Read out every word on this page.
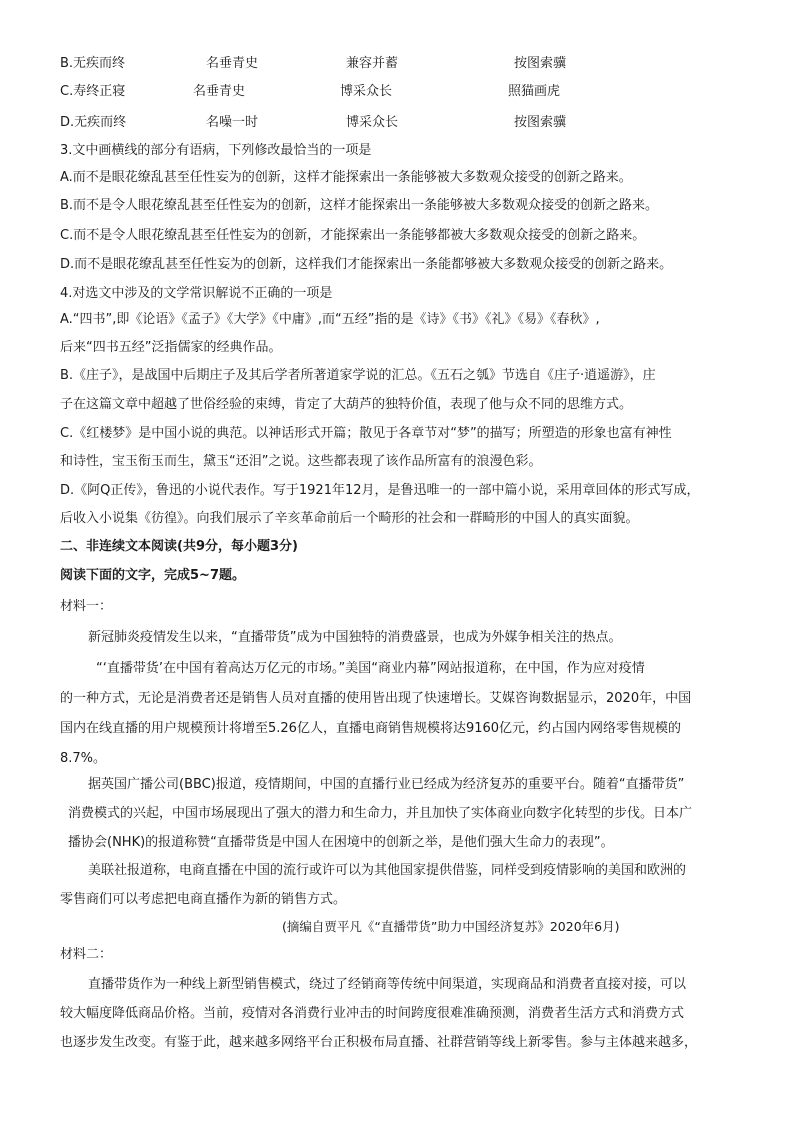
B.无疾而终	名垂青史	兼容并蓄	按图索骥
C.寿终正寝	名垂青史	博采众长	照猫画虎
D.无疾而终	名噪一时	博采众长	按图索骥
3.文中画横线的部分有语病，下列修改最恰当的一项是
A.而不是眼花缭乱甚至任性妄为的创新，这样才能探索出一条能够被大多数观众接受的创新之路来。
B.而不是令人眼花缭乱甚至任性妄为的创新，这样才能探索出一条能够被大多数观众接受的创新之路来。
C.而不是令人眼花缭乱甚至任性妄为的创新，才能探索出一条能够都被大多数观众接受的创新之路来。
D.而不是眼花缭乱甚至任性妄为的创新，这样我们才能探索出一条能都够被大多数观众接受的创新之路来。
4.对选文中涉及的文学常识解说不正确的一项是
A.“四书”,即《论语》《孟子》《大学》《中庸》,而“五经”指的是《诗》《书》《礼》《易》《春秋》,
后来“四书五经”泛指儒家的经典作品。
B.《庄子》，是战国中后期庄子及其后学者所著道家学说的汇总。《五石之瓠》节选自《庄子·逍遥游》，庄
子在这篇文章中超越了世俗经验的束缚，肯定了大葫芦的独特价值，表现了他与众不同的思维方式。
C.《红楼梦》是中国小说的典范。以神话形式开篇；散见于各章节对“梦”的描写；所塑造的形象也富有神性
和诗性，宝玉衔玉而生，黛玉“还泪”之说。这些都表现了该作品所富有的浪漫色彩。
D.《阿Q正传》，鲁迅的小说代表作。写于1921年12月，是鲁迅唯一的一部中篇小说，采用章回体的形式写成，
后收入小说集《彷徨》。向我们展示了辛亥革命前后一个畸形的社会和一群畸形的中国人的真实面貌。
二、非连续文本阅读(共9分，每小题3分)
阅读下面的文字，完成5~7题。
材料一：
新冠肺炎疫情发生以来，“直播带货”成为中国独特的消费盛景，也成为外媒争相关注的热点。
“‘直播带货’在中国有着高达万亿元的市场。”美国“商业内幕”网站报道称，在中国，作为应对疫情
的一种方式，无论是消费者还是销售人员对直播的使用皆出现了快速增长。艾媒咨询数据显示，2020年，中国
国内在线直播的用户规模预计将增至5.26亿人，直播电商销售规模将达9160亿元，约占国内网络零售规模的
8.7%。
据英国广播公司(BBC)报道，疫情期间，中国的直播行业已经成为经济复苏的重要平台。随着“直播带货”
消费模式的兴起，中国市场展现出了强大的潜力和生命力，并且加快了实体商业向数字化转型的步伐。日本广
播协会(NHK)的报道称赞“直播带货是中国人在困境中的创新之举，是他们强大生命力的表现”。
美联社报道称，电商直播在中国的流行或许可以为其他国家提供借鉴，同样受到疫情影响的美国和欧洲的
零售商们可以考虑把电商直播作为新的销售方式。
(摘编自贾平凡《“直播带货”助力中国经济复苏》2020年6月)
材料二：
直播带货作为一种线上新型销售模式，绕过了经销商等传统中间渠道，实现商品和消费者直接对接，可以
较大幅度降低商品价格。当前，疫情对各消费行业冲击的时间跨度很难准确预测，消费者生活方式和消费方式
也逐步发生改变。有鉴于此，越来越多网络平台正积极布局直播、社群营销等线上新零售。参与主体越来越多，
